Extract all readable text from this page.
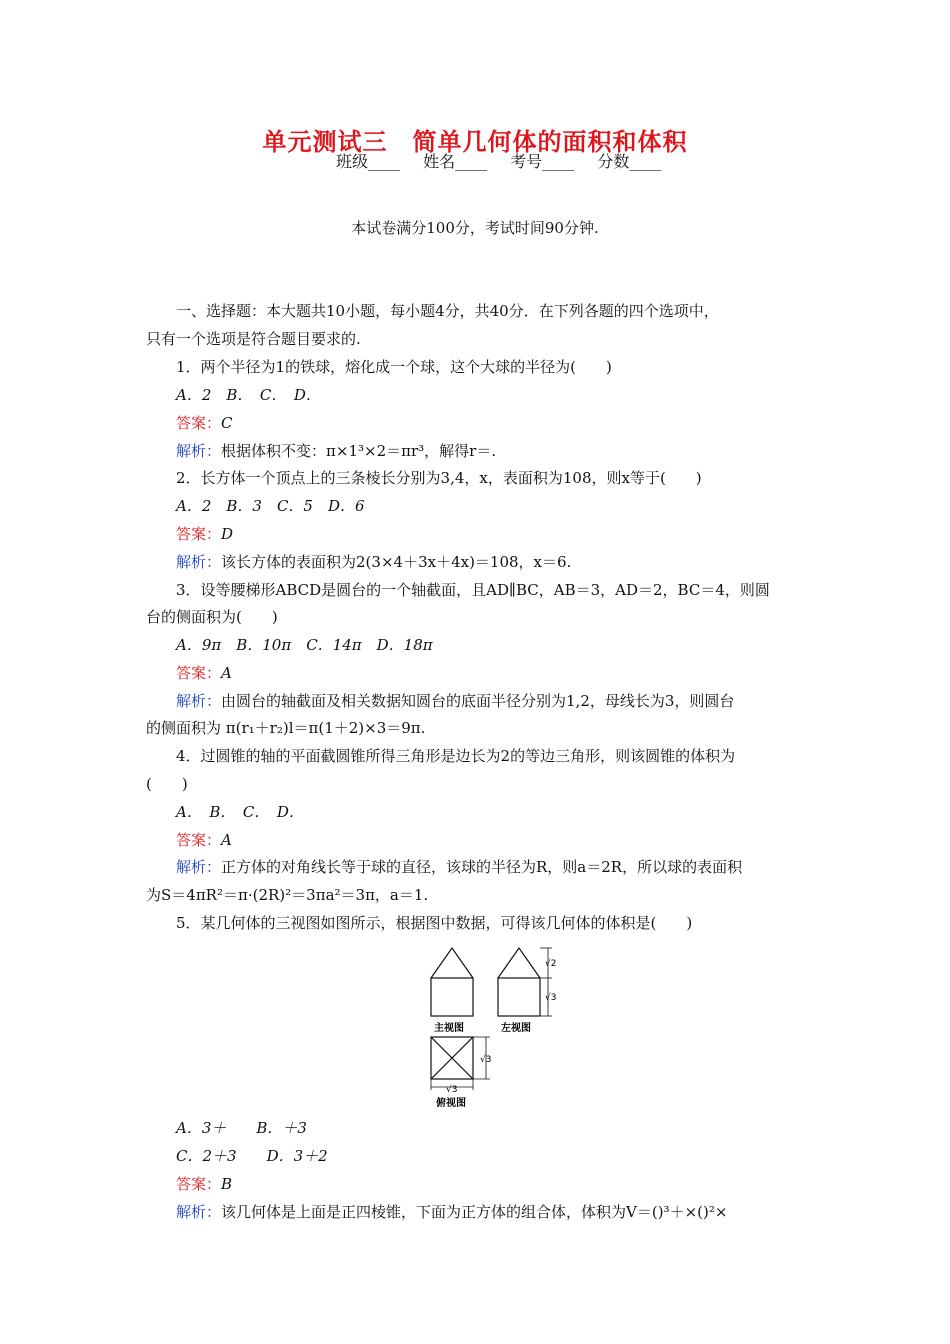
单元测试三　简单几何体的面积和体积
班级____ 姓名____ 考号____ 分数____
本试卷满分100分，考试时间90分钟.
一、选择题：本大题共10小题，每小题4分，共40分．在下列各题的四个选项中，
只有一个选项是符合题目要求的.
1．两个半径为1的铁球，熔化成一个球，这个大球的半径为(　　)
A．2　B．　C．　D．
答案：C
解析：根据体积不变：π×1³×2＝πr³，解得r＝.
2．长方体一个顶点上的三条棱长分别为3,4，x，表面积为108，则x等于(　　)
A．2　B．3　C．5　D．6
答案：D
解析：该长方体的表面积为2(3×4＋3x＋4x)＝108，x＝6.
3．设等腰梯形ABCD是圆台的一个轴截面，且AD∥BC，AB＝3，AD＝2，BC＝4，则圆
台的侧面积为(　　)
A．9π　B．10π　C．14π　D．18π
答案：A
解析：由圆台的轴截面及相关数据知圆台的底面半径分别为1,2，母线长为3，则圆台
的侧面积为 π(r₁＋r₂)l＝π(1＋2)×3＝9π.
4．过圆锥的轴的平面截圆锥所得三角形是边长为2的等边三角形，则该圆锥的体积为
(　　)
A．　B．　C．　D．
答案：A
解析：正方体的对角线长等于球的直径，该球的半径为R，则a＝2R，所以球的表面积
为S＝4πR²＝π·(2R)²＝3πa²＝3π，a＝1.
5．某几何体的三视图如图所示，根据图中数据，可得该几何体的体积是(　　)
√2
√3
主视图	左视图
√3
√3
俯视图
A．3＋　　B．＋3
C．2＋3　　D．3＋2
答案：B
解析：该几何体是上面是正四棱锥，下面为正方体的组合体，体积为V＝()³＋×()²×
